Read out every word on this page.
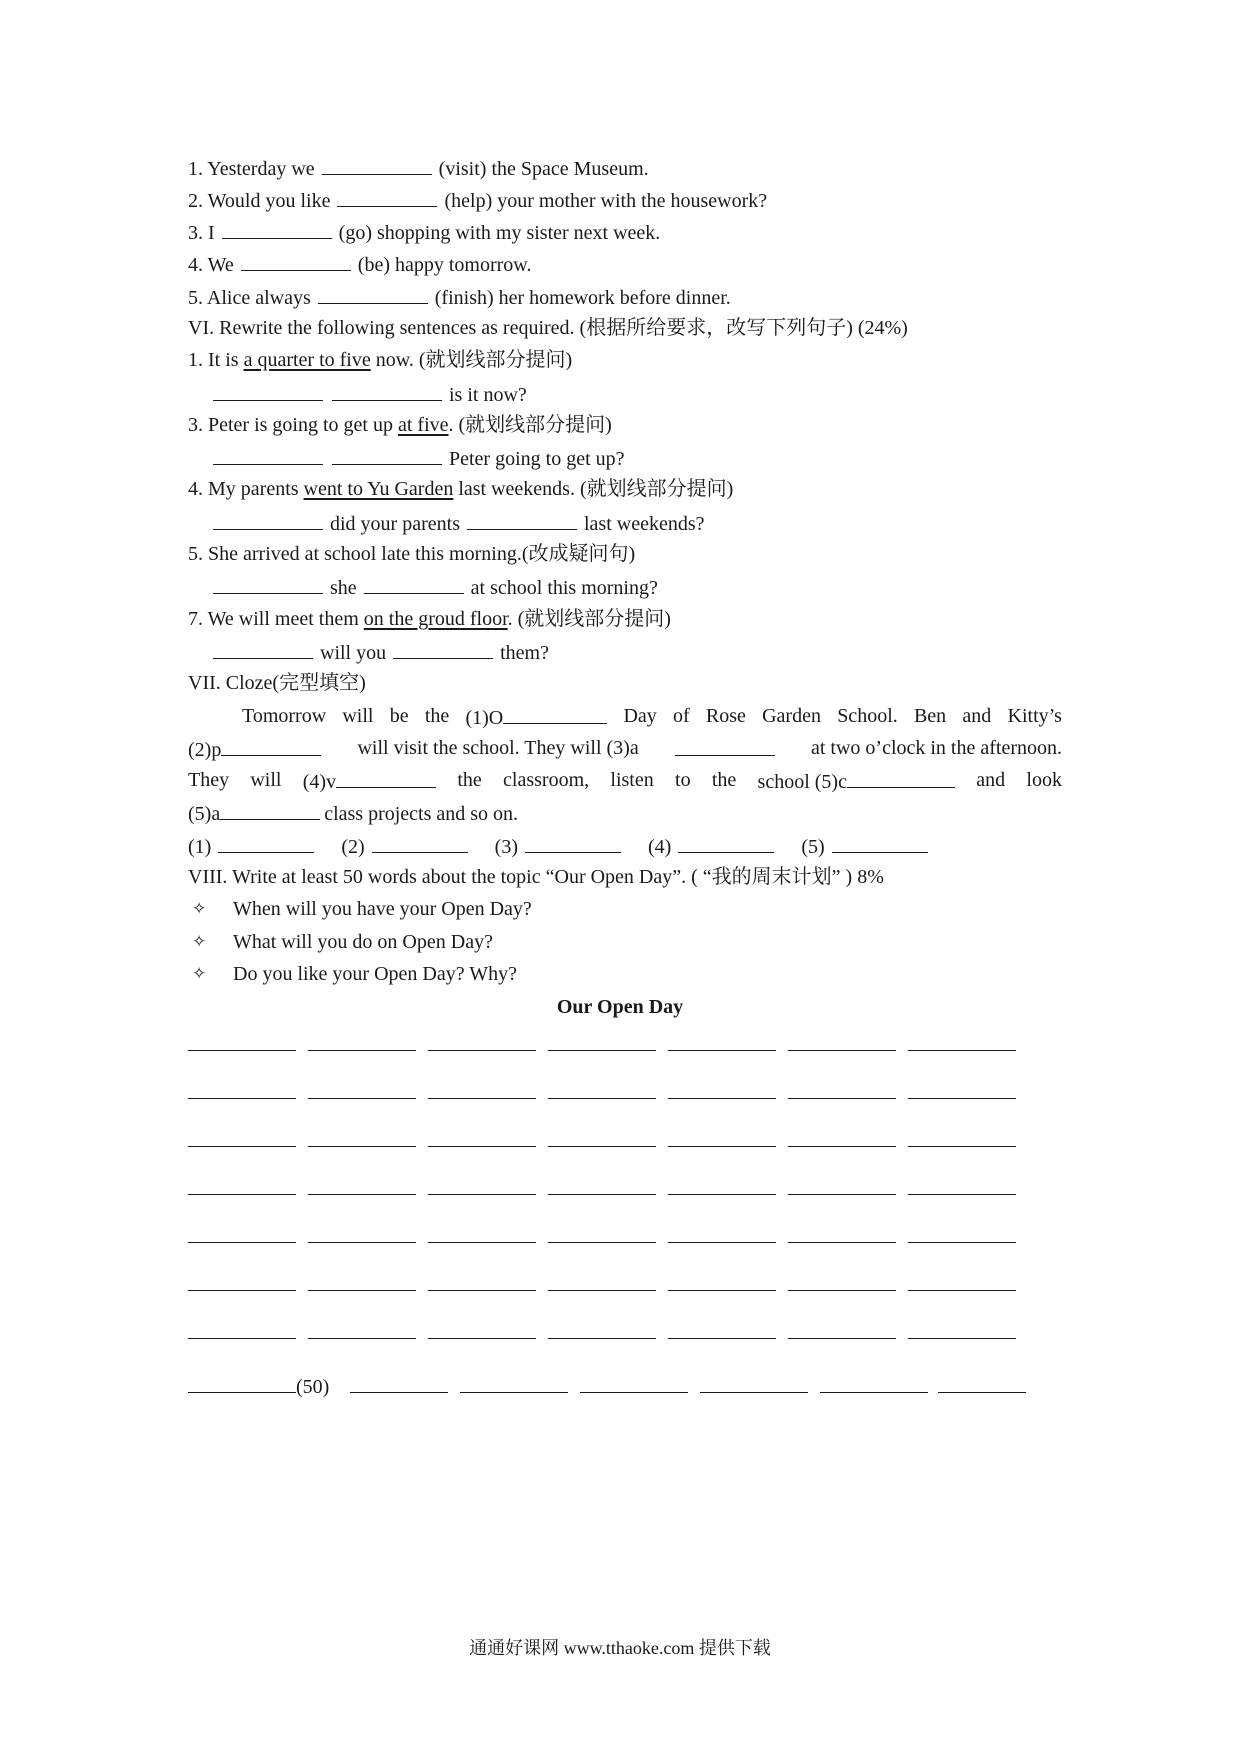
1. Yesterday we	(visit) the Space Museum.
2. Would you like	(help) your mother with the housework?
3. I	(go) shopping with my sister next week.
4. We	(be) happy tomorrow.
5. Alice always	(finish) her homework before dinner.
VI. Rewrite the following sentences as required. (根据所给要求，改写下列句子) (24%)
1. It is a quarter to five now. (就划线部分提问)
is it now?
3. Peter is going to get up at five. (就划线部分提问)
Peter going to get up?
4. My parents went to Yu Garden last weekends. (就划线部分提问)
did your parents	last weekends?
5. She arrived at school late this morning.(改成疑问句)
she	at school this morning?
7. We will meet them on the groud floor. (就划线部分提问)
will you	them?
VII. Cloze(完型填空)
Tomorrow will be the (1)O	Day of Rose Garden School. Ben and Kitty’s
(2)p	will visit the school. They will (3)a	at two o’clock in the afternoon.
They will (4)v	the classroom, listen to the school (5)c	and look
(5)a	class projects and so on.
(1)	(2)	(3)	(4)	(5)
VIII. Write at least 50 words about the topic “Our Open Day”. ( “我的周末计划” ) 8%
✧ When will you have your Open Day?
✧ What will you do on Open Day?
✧ Do you like your Open Day? Why?
Our Open Day
(50)
通通好课网 www.tthaoke.com 提供下载
